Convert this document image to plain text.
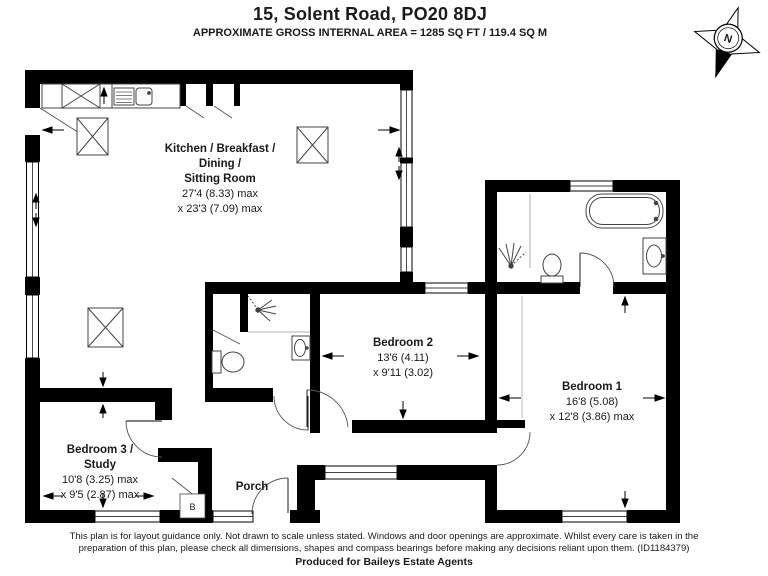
15, Solent Road, PO20 8DJ
APPROXIMATE GROSS INTERNAL AREA = 1285 SQ FT / 119.4 SQ M
Kitchen / Breakfast /
Dining /
Sitting Room
27'4 (8.33) max
x 23'3 (7.09) max
Bedroom 2
13'6 (4.11)
x 9'11 (3.02)
Bedroom 1
16'8 (5.08)
x 12'8 (3.86) max
Bedroom 3 /
Study
10'8 (3.25) max
x 9'5 (2.87) max
Porch
B
N
This plan is for layout guidance only. Not drawn to scale unless stated. Windows and door openings are approximate. Whilst every care is taken in the
preparation of this plan, please check all dimensions, shapes and compass bearings before making any decisions reliant upon them. (ID1184379)
Produced for Baileys Estate Agents
